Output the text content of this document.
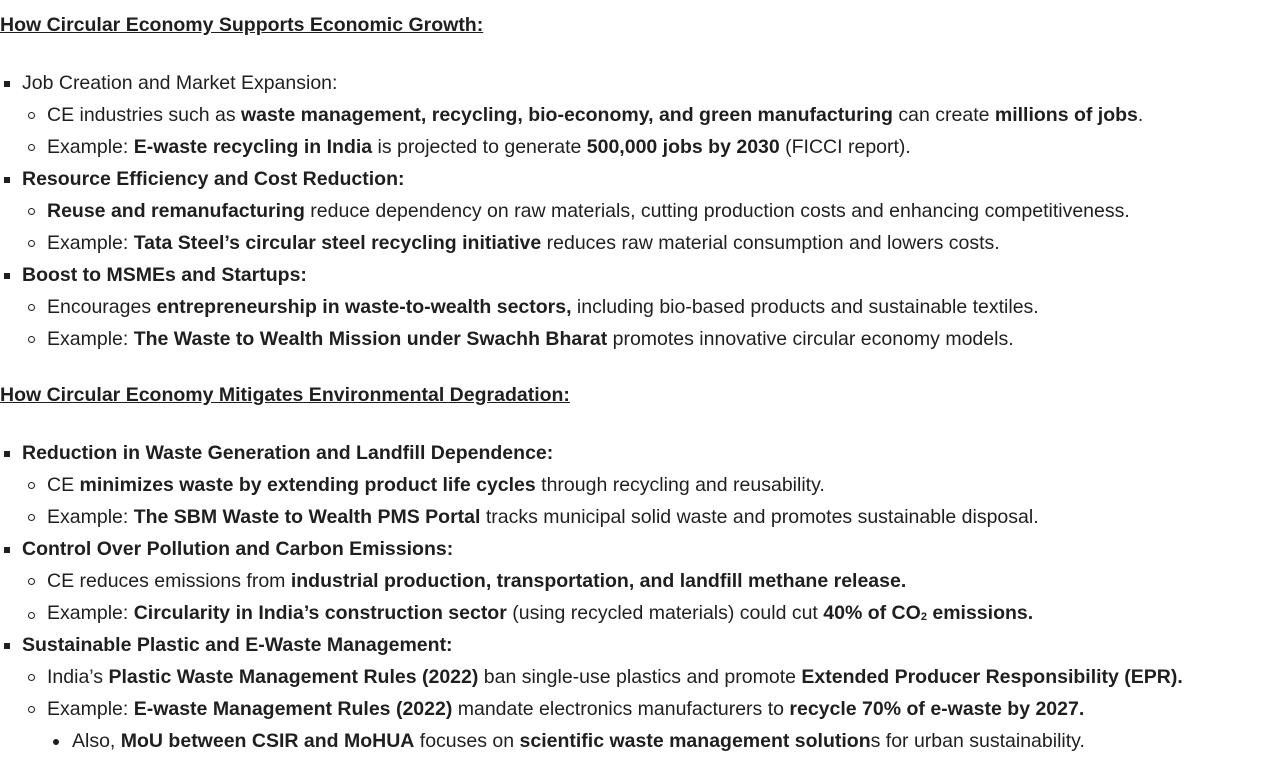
How Circular Economy Supports Economic Growth:
Job Creation and Market Expansion:
CE industries such as waste management, recycling, bio-economy, and green manufacturing can create millions of jobs.
Example: E-waste recycling in India is projected to generate 500,000 jobs by 2030 (FICCI report).
Resource Efficiency and Cost Reduction:
Reuse and remanufacturing reduce dependency on raw materials, cutting production costs and enhancing competitiveness.
Example: Tata Steel’s circular steel recycling initiative reduces raw material consumption and lowers costs.
Boost to MSMEs and Startups:
Encourages entrepreneurship in waste-to-wealth sectors, including bio-based products and sustainable textiles.
Example: The Waste to Wealth Mission under Swachh Bharat promotes innovative circular economy models.
How Circular Economy Mitigates Environmental Degradation:
Reduction in Waste Generation and Landfill Dependence:
CE minimizes waste by extending product life cycles through recycling and reusability.
Example: The SBM Waste to Wealth PMS Portal tracks municipal solid waste and promotes sustainable disposal.
Control Over Pollution and Carbon Emissions:
CE reduces emissions from industrial production, transportation, and landfill methane release.
Example: Circularity in India’s construction sector (using recycled materials) could cut 40% of $CO_2$ emissions.
Sustainable Plastic and E-Waste Management:
India’s Plastic Waste Management Rules (2022) ban single-use plastics and promote Extended Producer Responsibility (EPR).
Example: E-waste Management Rules (2022) mandate electronics manufacturers to recycle 70% of e-waste by 2027.
Also, MoU between CSIR and MoHUA focuses on scientific waste management solutions for urban sustainability.
